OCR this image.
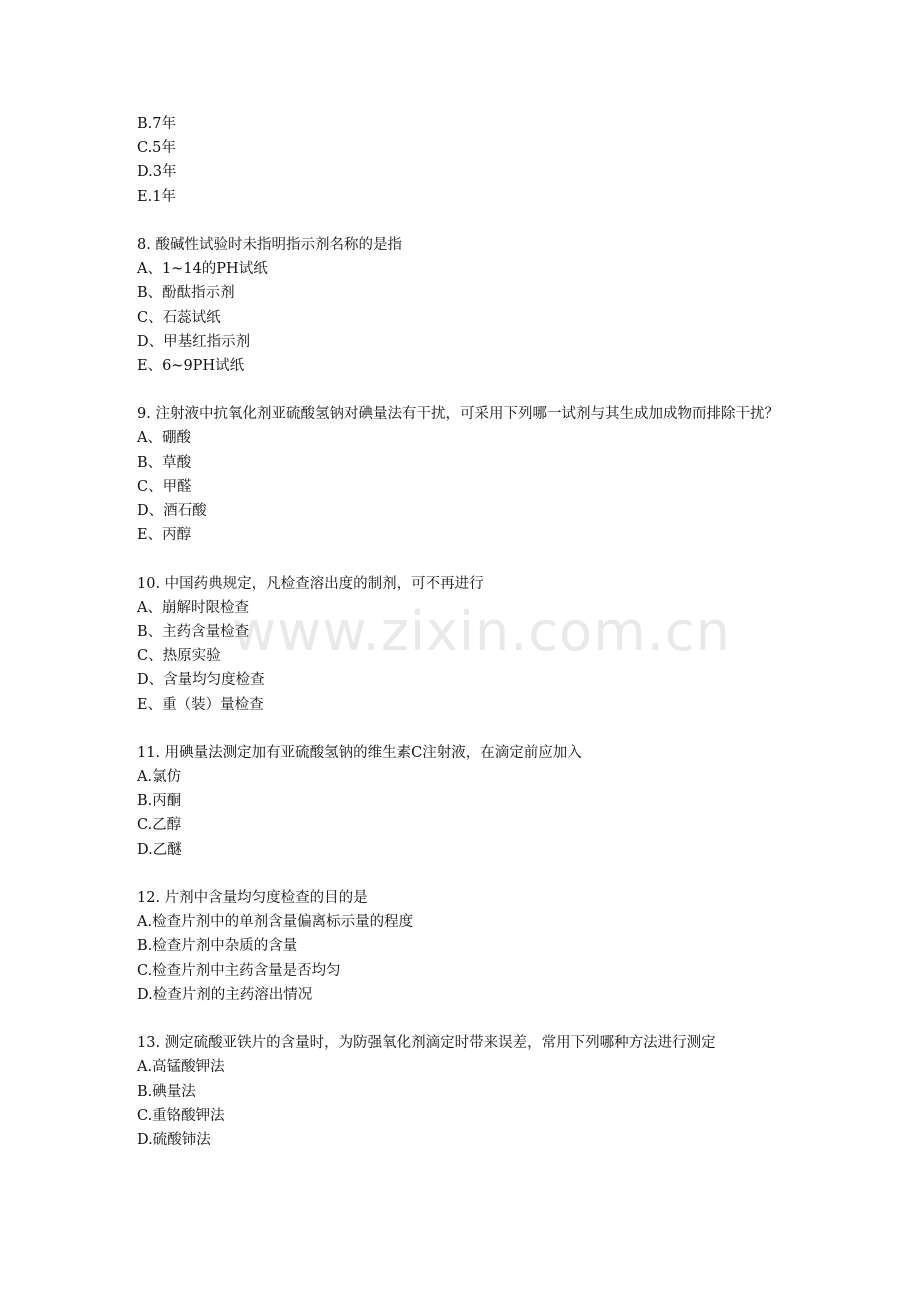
www.zixin.com.cn
B.7年
C.5年
D.3年
E.1年
8. 酸碱性试验时未指明指示剂名称的是指
A、1~14的PH试纸
B、酚酞指示剂
C、石蕊试纸
D、甲基红指示剂
E、6~9PH试纸
9. 注射液中抗氧化剂亚硫酸氢钠对碘量法有干扰，可采用下列哪一试剂与其生成加成物而排除干扰？
A、硼酸
B、草酸
C、甲醛
D、酒石酸
E、丙醇
10. 中国药典规定，凡检查溶出度的制剂，可不再进行
A、崩解时限检查
B、主药含量检查
C、热原实验
D、含量均匀度检查
E、重（装）量检查
11. 用碘量法测定加有亚硫酸氢钠的维生素C注射液，在滴定前应加入
A.氯仿
B.丙酮
C.乙醇
D.乙醚
12. 片剂中含量均匀度检查的目的是
A.检查片剂中的单剂含量偏离标示量的程度
B.检查片剂中杂质的含量
C.检查片剂中主药含量是否均匀
D.检查片剂的主药溶出情况
13. 测定硫酸亚铁片的含量时，为防强氧化剂滴定时带来误差，常用下列哪种方法进行测定
A.高锰酸钾法
B.碘量法
C.重铬酸钾法
D.硫酸铈法
